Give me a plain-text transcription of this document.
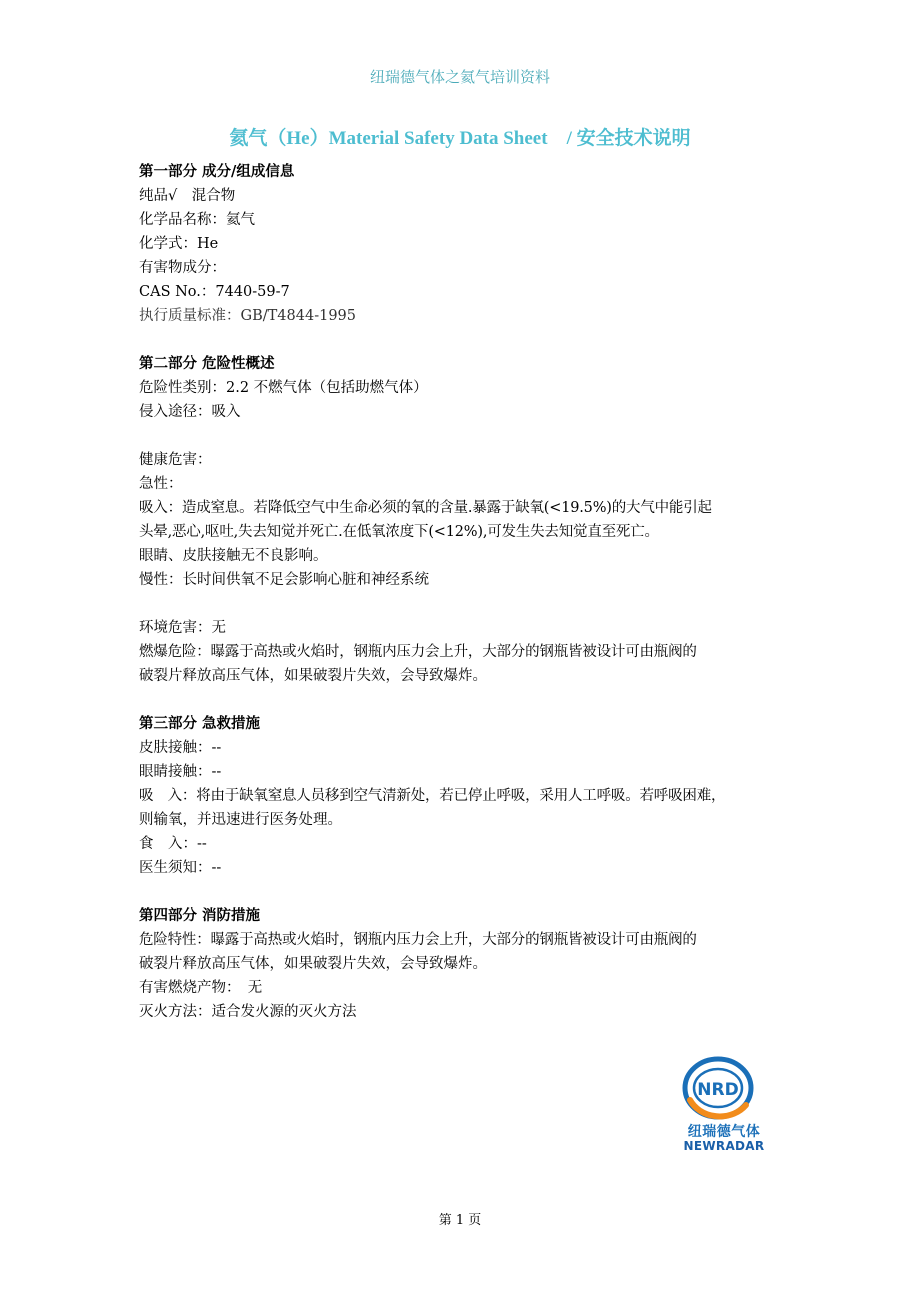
纽瑞德气体之氦气培训资料
氦气（He）Material Safety Data Sheet　/ 安全技术说明
第一部分 成分/组成信息
纯品√　混合物
化学品名称：氦气
化学式：He
有害物成分：
CAS No.：7440-59-7
执行质量标准：GB/T4844-1995
第二部分 危险性概述
危险性类别：2.2 不燃气体（包括助燃气体）
侵入途径：吸入
健康危害：
急性：
吸入：造成窒息。若降低空气中生命必须的氧的含量.暴露于缺氧(<19.5%)的大气中能引起
头晕,恶心,呕吐,失去知觉并死亡.在低氧浓度下(<12%),可发生失去知觉直至死亡。
眼睛、皮肤接触无不良影响。
慢性：长时间供氧不足会影响心脏和神经系统
环境危害：无
燃爆危险：曝露于高热或火焰时，钢瓶内压力会上升，大部分的钢瓶皆被设计可由瓶阀的
破裂片释放高压气体，如果破裂片失效，会导致爆炸。
第三部分 急救措施
皮肤接触：--
眼睛接触：--
吸　入：将由于缺氧窒息人员移到空气清新处，若已停止呼吸，采用人工呼吸。若呼吸困难，
则输氧，并迅速进行医务处理。
食　入：--
医生须知：--
第四部分 消防措施
危险特性：曝露于高热或火焰时，钢瓶内压力会上升，大部分的钢瓶皆被设计可由瓶阀的
破裂片释放高压气体，如果破裂片失效，会导致爆炸。
有害燃烧产物：　无
灭火方法：适合发火源的灭火方法
NRD
纽瑞德气体
NEWRADAR
第 1 页
